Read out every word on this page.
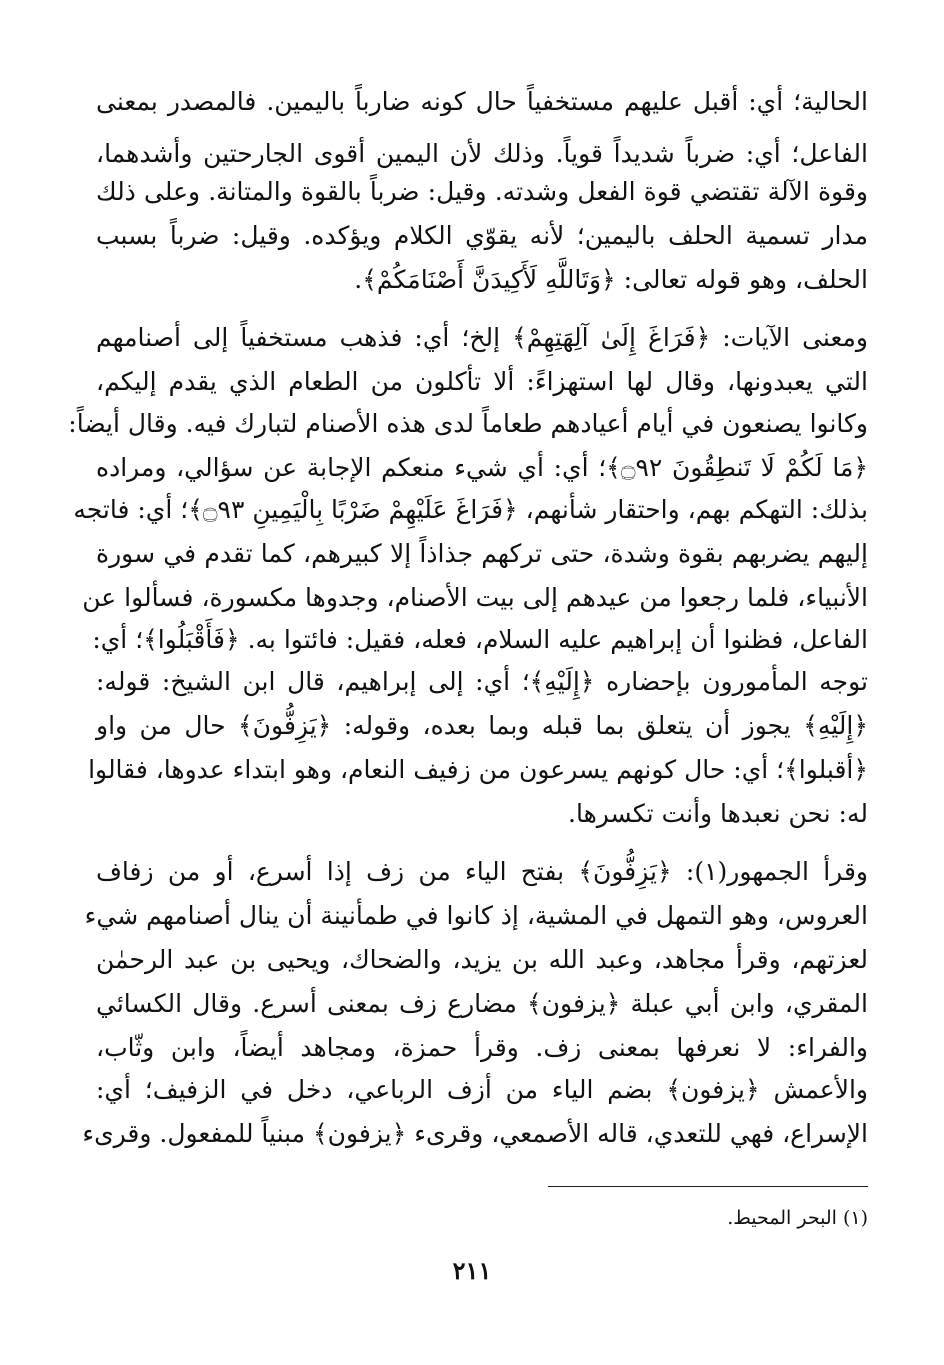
الحالية؛ أي: أقبل عليهم مستخفياً حال كونه ضارباً باليمين. فالمصدر بمعنى
الفاعل؛ أي: ضرباً شديداً قوياً. وذلك لأن اليمين أقوى الجارحتين وأشدهما،
وقوة الآلة تقتضي قوة الفعل وشدته. وقيل: ضرباً بالقوة والمتانة. وعلى ذلك
مدار تسمية الحلف باليمين؛ لأنه يقوّي الكلام ويؤكده. وقيل: ضرباً بسبب
الحلف، وهو قوله تعالى: ﴿وَتَاللَّهِ لَأَكِيدَنَّ أَصْنَامَكُمْ﴾.
ومعنى الآيات: ﴿فَرَاغَ إِلَىٰ آلِهَتِهِمْ﴾ إلخ؛ أي: فذهب مستخفياً إلى أصنامهم
التي يعبدونها، وقال لها استهزاءً: ألا تأكلون من الطعام الذي يقدم إليكم،
وكانوا يصنعون في أيام أعيادهم طعاماً لدى هذه الأصنام لتبارك فيه. وقال أيضاً:
﴿مَا لَكُمْ لَا تَنطِقُونَ ۝٩٢﴾؛ أي: أي شيء منعكم الإجابة عن سؤالي، ومراده
بذلك: التهكم بهم، واحتقار شأنهم، ﴿فَرَاغَ عَلَيْهِمْ ضَرْبًا بِالْيَمِينِ ۝٩٣﴾؛ أي: فاتجه
إليهم يضربهم بقوة وشدة، حتى تركهم جذاذاً إلا كبيرهم، كما تقدم في سورة
الأنبياء، فلما رجعوا من عيدهم إلى بيت الأصنام، وجدوها مكسورة، فسألوا عن
الفاعل، فظنوا أن إبراهيم عليه السلام، فعله، فقيل: فائتوا به. ﴿فَأَقْبَلُوا﴾؛ أي:
توجه المأمورون بإحضاره ﴿إِلَيْهِ﴾؛ أي: إلى إبراهيم، قال ابن الشيخ: قوله:
﴿إِلَيْهِ﴾ يجوز أن يتعلق بما قبله وبما بعده، وقوله: ﴿يَزِفُّونَ﴾ حال من واو
﴿أقبلوا﴾؛ أي: حال كونهم يسرعون من زفيف النعام، وهو ابتداء عدوها، فقالوا
له: نحن نعبدها وأنت تكسرها.
وقرأ الجمهور(١): ﴿يَزِفُّونَ﴾ بفتح الياء من زف إذا أسرع، أو من زفاف
العروس، وهو التمهل في المشية، إذ كانوا في طمأنينة أن ينال أصنامهم شيء
لعزتهم، وقرأ مجاهد، وعبد الله بن يزيد، والضحاك، ويحيى بن عبد الرحمٰن
المقري، وابن أبي عبلة ﴿يزفون﴾ مضارع زف بمعنى أسرع. وقال الكسائي
والفراء: لا نعرفها بمعنى زف. وقرأ حمزة، ومجاهد أيضاً، وابن وثّاب،
والأعمش ﴿يزفون﴾ بضم الياء من أزف الرباعي، دخل في الزفيف؛ أي:
الإسراع، فهي للتعدي، قاله الأصمعي، وقرىء ﴿يزفون﴾ مبنياً للمفعول. وقرىء
(١) البحر المحيط.
٢١١
